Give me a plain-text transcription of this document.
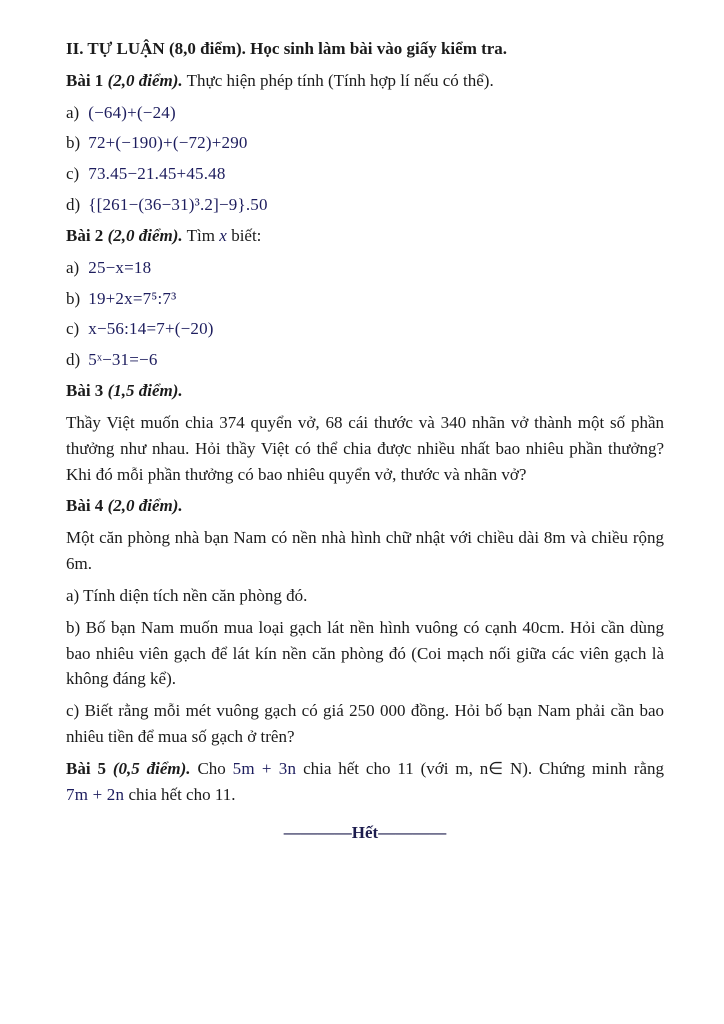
II. TỰ LUẬN (8,0 điểm). Học sinh làm bài vào giấy kiểm tra.

Bài 1 (2,0 điểm). Thực hiện phép tính (Tính hợp lí nếu có thể).

a) (−64)+(−24)

b) 72+(−190)+(−72)+290

c) 73.45−21.45+45.48

d) {[261−(36−31)³.2]−9}.50

Bài 2 (2,0 điểm). Tìm x biết:

a) 25−x=18

b) 19+2x=7⁵:7³

c) x−56:14=7+(−20)

d) 5ˣ−31=−6

Bài 3 (1,5 điểm).

Thầy Việt muốn chia 374 quyển vở, 68 cái thước và 340 nhãn vở thành một số phần thưởng như nhau. Hỏi thầy Việt có thể chia được nhiều nhất bao nhiêu phần thưởng? Khi đó mỗi phần thưởng có bao nhiêu quyển vở, thước và nhãn vở?

Bài 4 (2,0 điểm).

Một căn phòng nhà bạn Nam có nền nhà hình chữ nhật với chiều dài 8m và chiều rộng 6m.

a) Tính diện tích nền căn phòng đó.

b) Bố bạn Nam muốn mua loại gạch lát nền hình vuông có cạnh 40cm. Hỏi cần dùng bao nhiêu viên gạch để lát kín nền căn phòng đó (Coi mạch nối giữa các viên gạch là không đáng kể).

c) Biết rằng mỗi mét vuông gạch có giá 250 000 đồng. Hỏi bố bạn Nam phải cần bao nhiêu tiền để mua số gạch ở trên?

Bài 5 (0,5 điểm). Cho 5m + 3n chia hết cho 11 (với m, n∈ N). Chứng minh rằng 7m + 2n chia hết cho 11.

————Hết————
